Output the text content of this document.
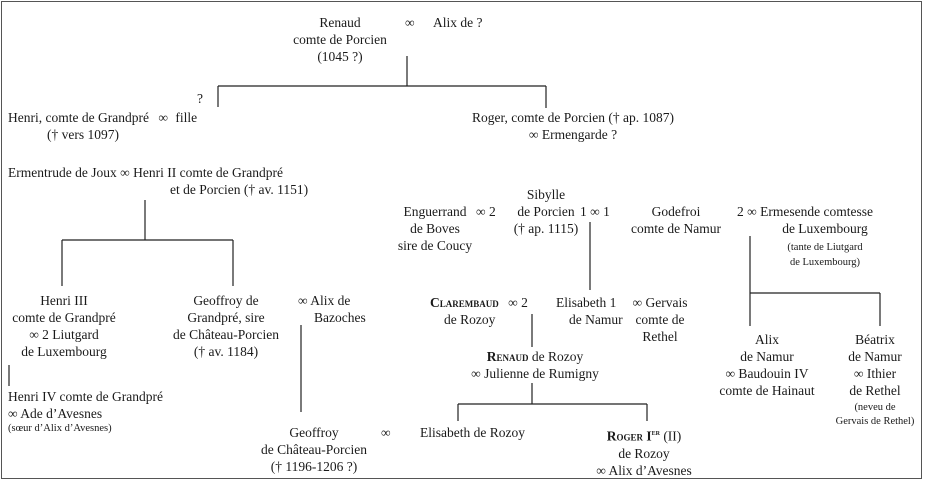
Renaud
comte de Porcien
(1045 ?)
∞ Alix de ?
?
Henri, comte de Grandpré ∞ fille
(† vers 1097)
Roger, comte de Porcien († ap. 1087)
∞ Ermengarde ?
Ermentrude de Joux ∞ Henri II comte de Grandpré
et de Porcien († av. 1151)	Sibylle
de Porcien
(† ap. 1115)
∞ 2	1 ∞ 1
Enguerrand
de Boves
sire de Coucy
Godefroi
comte de Namur
2 ∞ Ermesende comtesse
de Luxembourg
(tante de Liutgard
de Luxembourg)
Henri III
comte de Grandpré
∞ 2 Liutgard
de Luxembourg
Geoffroy de
Grandpré, sire
de Château-Porcien
(† av. 1184)
∞ Alix de
Bazoches
Clarembaud ∞ 2
de Rozoy
Elisabeth 1
de Namur
∞ Gervais
comte de
Rethel	Alix
de Namur
∞ Baudouin IV
comte de Hainaut
Béatrix
de Namur
∞ Ithier
de Rethel
(neveu de
Gervais de Rethel)
Renaud de Rozoy
∞ Julienne de Rumigny
Henri IV comte de Grandpré
∞ Ade d’Avesnes
(sœur d’Alix d’Avesnes)	Geoffroy
de Château-Porcien
(† 1196-1206 ?)
∞ Elisabeth de Rozoy	Roger Ier (II)
de Rozoy
∞ Alix d’Avesnes
